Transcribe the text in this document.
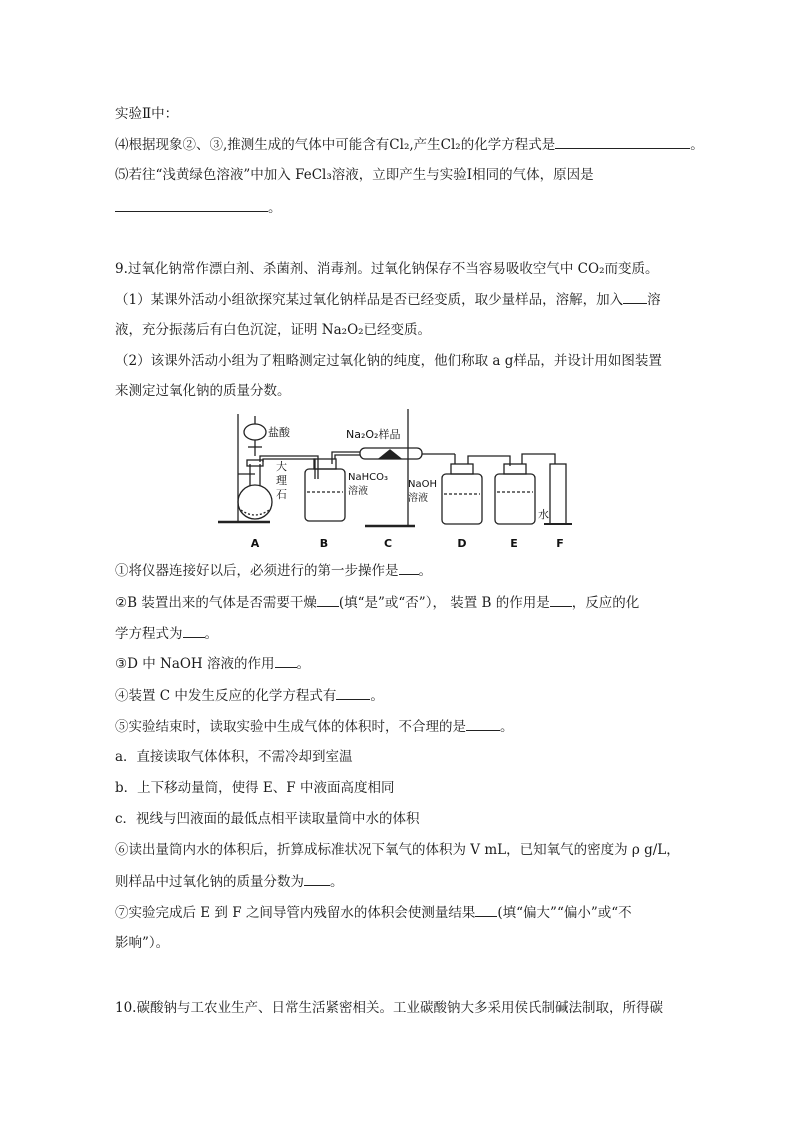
实验Ⅱ中：
⑷根据现象②、③,推测生成的气体中可能含有Cl₂,产生Cl₂的化学方程式是	。
⑸若往“浅黄绿色溶液”中加入 FeCl₃溶液，立即产生与实验Ⅰ相同的气体，原因是
。
9.过氧化钠常作漂白剂、杀菌剂、消毒剂。过氧化钠保存不当容易吸收空气中 CO₂而变质。
（1）某课外活动小组欲探究某过氧化钠样品是否已经变质，取少量样品，溶解，加入 溶
液，充分振荡后有白色沉淀，证明 Na₂O₂已经变质。
（2）该课外活动小组为了粗略测定过氧化钠的纯度，他们称取 a g样品，并设计用如图装置
来测定过氧化钠的质量分数。
盐酸	Na₂O₂样品
大
理
石
NaHCO₃
溶液
NaOH
溶液
水
A	B	C	D	E	F
①将仪器连接好以后，必须进行的第一步操作是 。
②B 装置出来的气体是否需要干燥 (填“是”或“否”）， 装置 B 的作用是 ，反应的化
学方程式为 。
③D 中 NaOH 溶液的作用 。
④装置 C 中发生反应的化学方程式有	。
⑤实验结束时，读取实验中生成气体的体积时，不合理的是	。
a．直接读取气体体积，不需冷却到室温
b．上下移动量筒，使得 E、F 中液面高度相同
c．视线与凹液面的最低点相平读取量筒中水的体积
⑥读出量筒内水的体积后，折算成标准状况下氧气的体积为 V mL，已知氧气的密度为 ρ g/L，
则样品中过氧化钠的质量分数为 。
⑦实验完成后 E 到 F 之间导管内残留水的体积会使测量结果 (填“偏大”“偏小”或“不
影响”）。
10.碳酸钠与工农业生产、日常生活紧密相关。工业碳酸钠大多采用侯氏制碱法制取，所得碳
